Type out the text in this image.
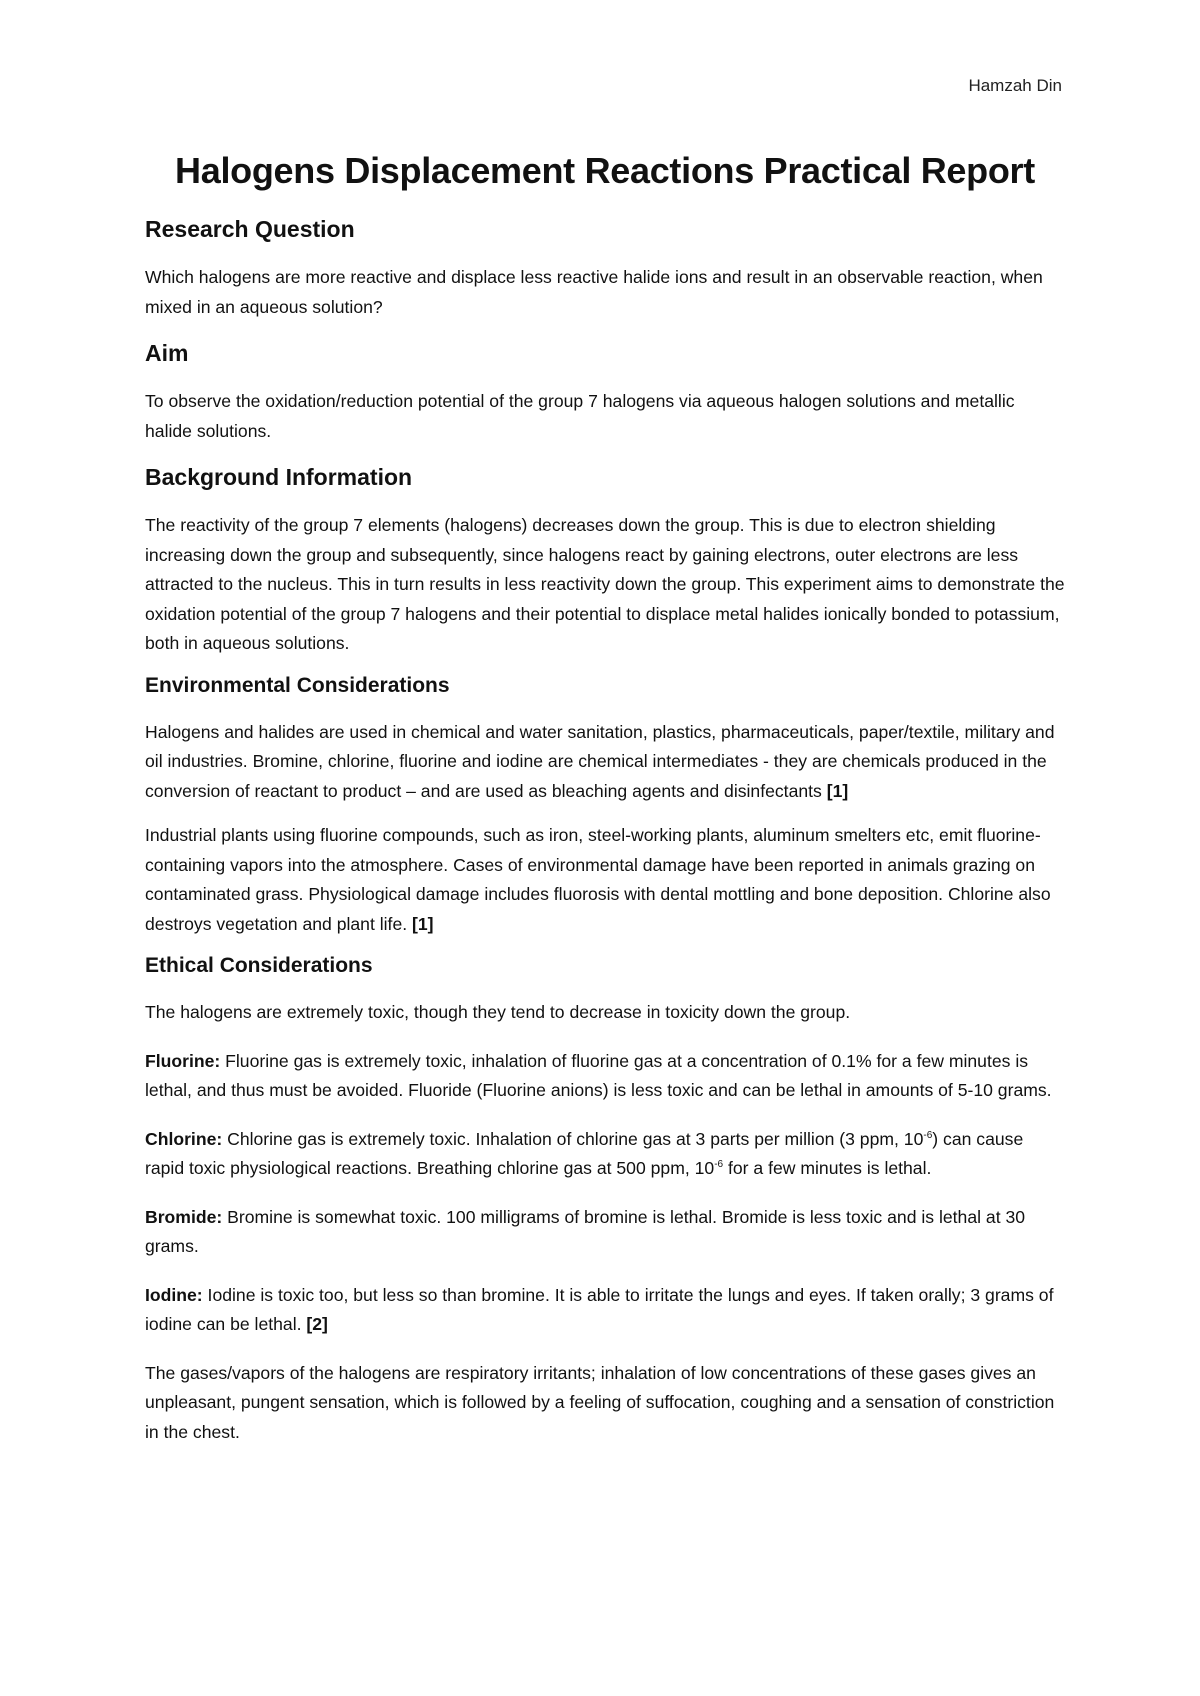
Hamzah Din
Halogens Displacement Reactions Practical Report
Research Question

Which halogens are more reactive and displace less reactive halide ions and result in an observable reaction, when mixed in an aqueous solution?

Aim

To observe the oxidation/reduction potential of the group 7 halogens via aqueous halogen solutions and metallic halide solutions.

Background Information

The reactivity of the group 7 elements (halogens) decreases down the group. This is due to electron shielding increasing down the group and subsequently, since halogens react by gaining electrons, outer electrons are less attracted to the nucleus. This in turn results in less reactivity down the group. This experiment aims to demonstrate the oxidation potential of the group 7 halogens and their potential to displace metal halides ionically bonded to potassium, both in aqueous solutions.

Environmental Considerations

Halogens and halides are used in chemical and water sanitation, plastics, pharmaceuticals, paper/textile, military and oil industries. Bromine, chlorine, fluorine and iodine are chemical intermediates - they are chemicals produced in the conversion of reactant to product – and are used as bleaching agents and disinfectants [1]

Industrial plants using fluorine compounds, such as iron, steel-working plants, aluminum smelters etc, emit fluorine-containing vapors into the atmosphere. Cases of environmental damage have been reported in animals grazing on contaminated grass. Physiological damage includes fluorosis with dental mottling and bone deposition. Chlorine also destroys vegetation and plant life. [1]

Ethical Considerations

The halogens are extremely toxic, though they tend to decrease in toxicity down the group.

Fluorine: Fluorine gas is extremely toxic, inhalation of fluorine gas at a concentration of 0.1% for a few minutes is lethal, and thus must be avoided. Fluoride (Fluorine anions) is less toxic and can be lethal in amounts of 5-10 grams.

Chlorine: Chlorine gas is extremely toxic. Inhalation of chlorine gas at 3 parts per million (3 ppm, $10^{-6}$) can cause rapid toxic physiological reactions. Breathing chlorine gas at 500 ppm, $10^{-6}$ for a few minutes is lethal.

Bromide: Bromine is somewhat toxic. 100 milligrams of bromine is lethal. Bromide is less toxic and is lethal at 30 grams.

Iodine: Iodine is toxic too, but less so than bromine. It is able to irritate the lungs and eyes. If taken orally; 3 grams of iodine can be lethal. [2]

The gases/vapors of the halogens are respiratory irritants; inhalation of low concentrations of these gases gives an unpleasant, pungent sensation, which is followed by a feeling of suffocation, coughing and a sensation of constriction in the chest.
